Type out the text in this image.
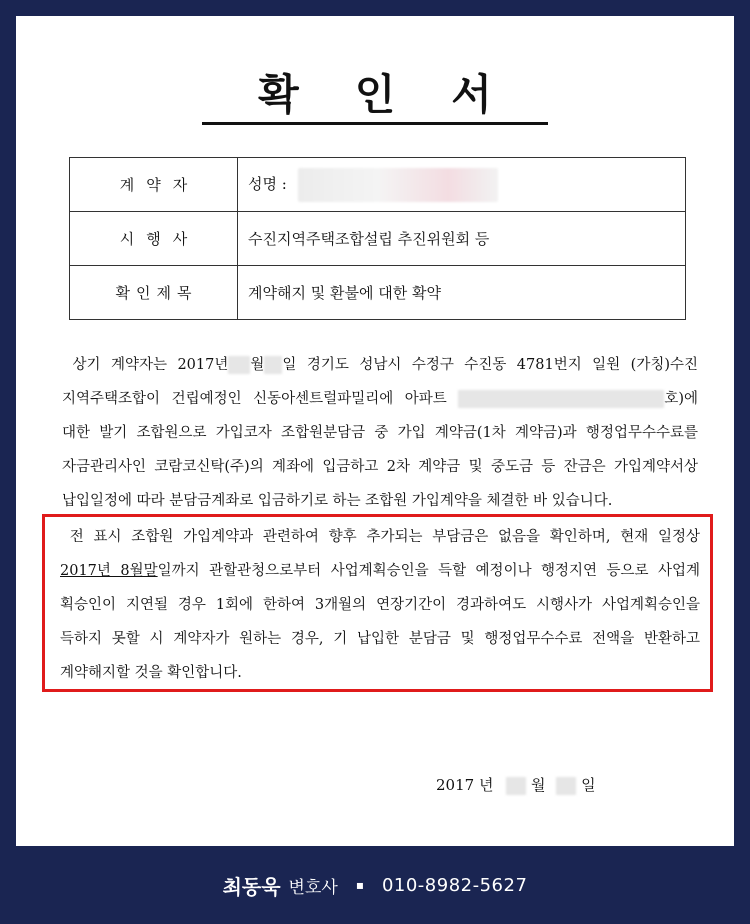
확인서
계약자	성명 :
시행사	수진지역주택조합설립 추진위원회 등
확인제목	계약해지 및 환불에 대한 확약
상기 계약자는 2017년 월 일 경기도 성남시 수정구 수진동 4781번지 일원 (가칭)수진
지역주택조합이 건립예정인 신동아센트럴파밀리에 아파트	호)에
대한 발기 조합원으로 가입코자 조합원분담금 중 가입 계약금(1차 계약금)과 행정업무수수료를
자금관리사인 코람코신탁(주)의 계좌에 입금하고 2차 계약금 및 중도금 등 잔금은 가입계약서상
납입일정에 따라 분담금계좌로 입금하기로 하는 조합원 가입계약을 체결한 바 있습니다.
전 표시 조합원 가입계약과 관련하여 향후 추가되는 부담금은 없음을 확인하며, 현재 일정상
2017년 8월말일까지 관할관청으로부터 사업계획승인을 득할 예정이나 행정지연 등으로 사업계
획승인이 지연될 경우 1회에 한하여 3개월의 연장기간이 경과하여도 시행사가 사업계획승인을
득하지 못할 시 계약자가 원하는 경우, 기 납입한 분담금 및 행정업무수수료 전액을 반환하고
계약해지할 것을 확인합니다.
2017 년	월 일
최동욱 변호사 ▪ 010-8982-5627
